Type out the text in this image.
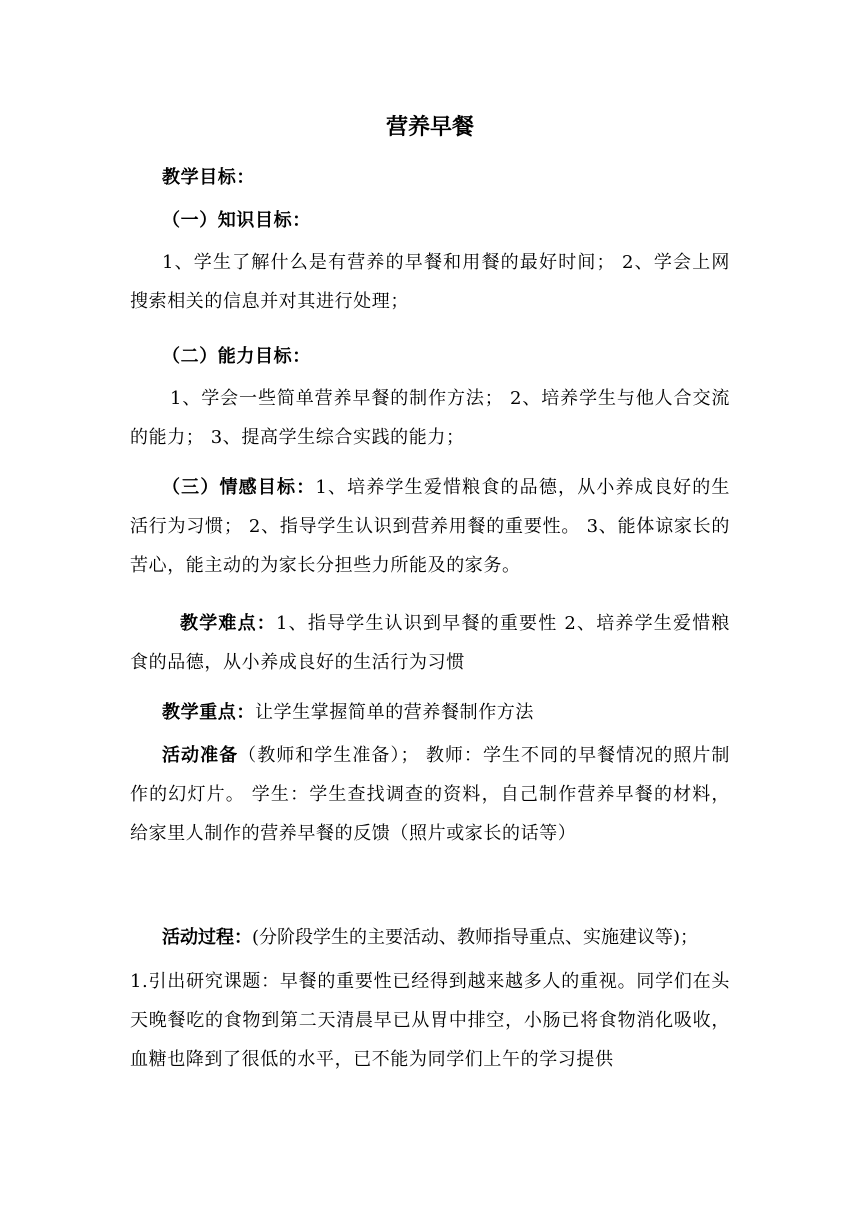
营养早餐
教学目标：
（一）知识目标：
1、学生了解什么是有营养的早餐和用餐的最好时间； 2、学会上网搜索相关的信息并对其进行处理；
（二）能力目标：
1、学会一些简单营养早餐的制作方法； 2、培养学生与他人合交流的能力； 3、提高学生综合实践的能力；
（三）情感目标：1、培养学生爱惜粮食的品德，从小养成良好的生活行为习惯； 2、指导学生认识到营养用餐的重要性。 3、能体谅家长的苦心，能主动的为家长分担些力所能及的家务。
教学难点：1、指导学生认识到早餐的重要性 2、培养学生爱惜粮食的品德，从小养成良好的生活行为习惯
教学重点：让学生掌握简单的营养餐制作方法
活动准备（教师和学生准备）； 教师：学生不同的早餐情况的照片制作的幻灯片。 学生：学生查找调查的资料，自己制作营养早餐的材料，给家里人制作的营养早餐的反馈（照片或家长的话等）
活动过程：(分阶段学生的主要活动、教师指导重点、实施建议等)；
1.引出研究课题：早餐的重要性已经得到越来越多人的重视。同学们在头天晚餐吃的食物到第二天清晨早已从胃中排空，小肠已将食物消化吸收，血糖也降到了很低的水平，已不能为同学们上午的学习提供
